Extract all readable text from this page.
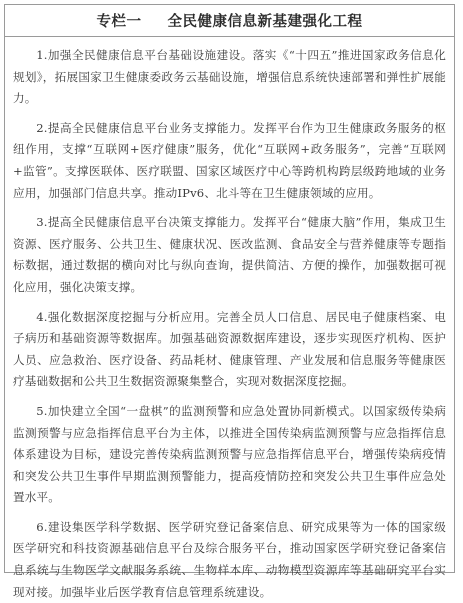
专栏一 全民健康信息新基建强化工程

1.加强全民健康信息平台基础设施建设。落实《“十四五”推进国家政务信息化规划》，拓展国家卫生健康委政务云基础设施，增强信息系统快速部署和弹性扩展能力。

2.提高全民健康信息平台业务支撑能力。发挥平台作为卫生健康政务服务的枢纽作用，支撑“互联网+医疗健康”服务，优化“互联网+政务服务”，完善“互联网+监管”。支撑医联体、医疗联盟、国家区域医疗中心等跨机构跨层级跨地域的业务应用，加强部门信息共享。推动IPv6、北斗等在卫生健康领域的应用。

3.提高全民健康信息平台决策支撑能力。发挥平台“健康大脑”作用，集成卫生资源、医疗服务、公共卫生、健康状况、医改监测、食品安全与营养健康等专题指标数据，通过数据的横向对比与纵向查询，提供简洁、方便的操作，加强数据可视化应用，强化决策支撑。

4.强化数据深度挖掘与分析应用。完善全员人口信息、居民电子健康档案、电子病历和基础资源等数据库。加强基础资源数据库建设，逐步实现医疗机构、医护人员、应急救治、医疗设备、药品耗材、健康管理、产业发展和信息服务等健康医疗基础数据和公共卫生数据资源聚集整合，实现对数据深度挖掘。

5.加快建立全国“一盘棋”的监测预警和应急处置协同新模式。以国家级传染病监测预警与应急指挥信息平台为主体，以推进全国传染病监测预警与应急指挥信息体系建设为目标，建设完善传染病监测预警与应急指挥信息平台，增强传染病疫情和突发公共卫生事件早期监测预警能力，提高疫情防控和突发公共卫生事件应急处置水平。

6.建设集医学科学数据、医学研究登记备案信息、研究成果等为一体的国家级医学研究和科技资源基础信息平台及综合服务平台，推动国家医学研究登记备案信息系统与生物医学文献服务系统、生物样本库、动物模型资源库等基础研究平台实现对接。加强毕业后医学教育信息管理系统建设。
